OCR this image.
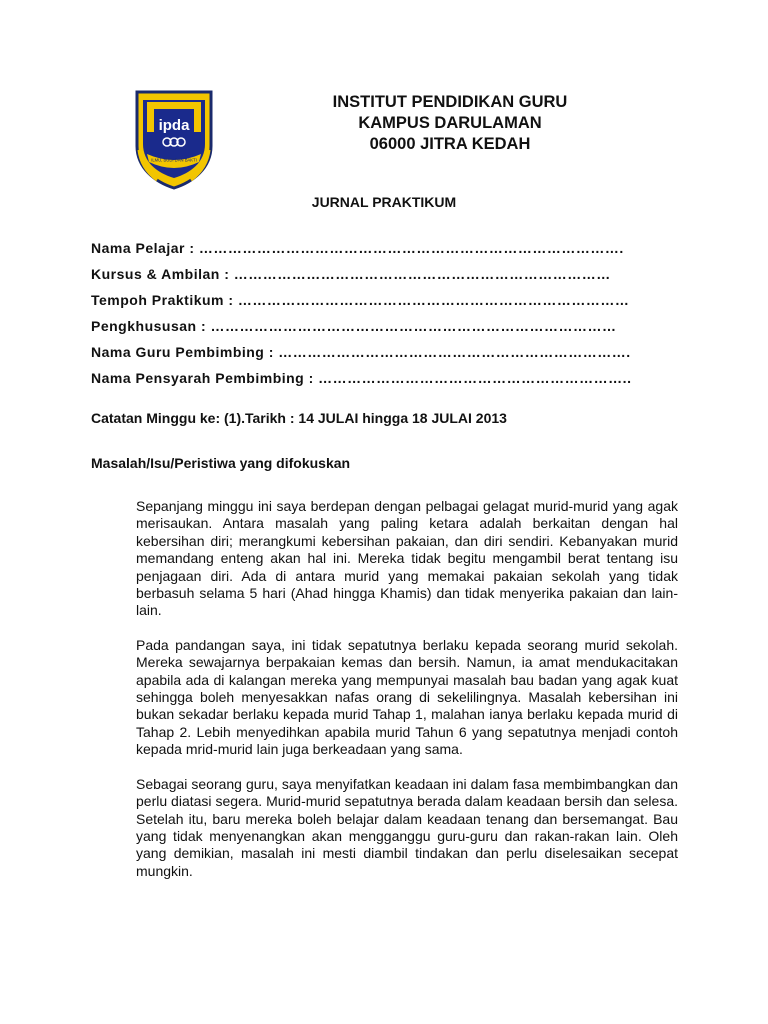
ipda
ILMU, BUDI DAN BAKTI
INSTITUT PENDIDIKAN GURU
KAMPUS DARULAMAN
06000 JITRA KEDAH
JURNAL PRAKTIKUM
Nama Pelajar : …………………………………………………………………………….
Kursus & Ambilan : ……………………………………………………………………
Tempoh Praktikum : ………………………………………………………………………
Pengkhususan : …………………………………………………………………………
Nama Guru Pembimbing : ……………………………………………………………….
Nama Pensyarah Pembimbing : ………………………………………………………..
Catatan Minggu ke: (1).Tarikh : 14 JULAI hingga 18 JULAI 2013
Masalah/Isu/Peristiwa yang difokuskan

Sepanjang minggu ini saya berdepan dengan pelbagai gelagat murid-murid yang agak merisaukan. Antara masalah yang paling ketara adalah berkaitan dengan hal kebersihan diri; merangkumi kebersihan pakaian, dan diri sendiri. Kebanyakan murid memandang enteng akan hal ini. Mereka tidak begitu mengambil berat tentang isu penjagaan diri. Ada di antara murid yang memakai pakaian sekolah yang tidak berbasuh selama 5 hari (Ahad hingga Khamis) dan tidak menyerika pakaian dan lain-lain.

Pada pandangan saya, ini tidak sepatutnya berlaku kepada seorang murid sekolah. Mereka sewajarnya berpakaian kemas dan bersih. Namun, ia amat mendukacitakan apabila ada di kalangan mereka yang mempunyai masalah bau badan yang agak kuat sehingga boleh menyesakkan nafas orang di sekelilingnya. Masalah kebersihan ini bukan sekadar berlaku kepada murid Tahap 1, malahan ianya berlaku kepada murid di Tahap 2. Lebih menyedihkan apabila murid Tahun 6 yang sepatutnya menjadi contoh kepada mrid-murid lain juga berkeadaan yang sama.

Sebagai seorang guru, saya menyifatkan keadaan ini dalam fasa membimbangkan dan perlu diatasi segera. Murid-murid sepatutnya berada dalam keadaan bersih dan selesa. Setelah itu, baru mereka boleh belajar dalam keadaan tenang dan bersemangat. Bau yang tidak menyenangkan akan mengganggu guru-guru dan rakan-rakan lain. Oleh yang demikian, masalah ini mesti diambil tindakan dan perlu diselesaikan secepat mungkin.
